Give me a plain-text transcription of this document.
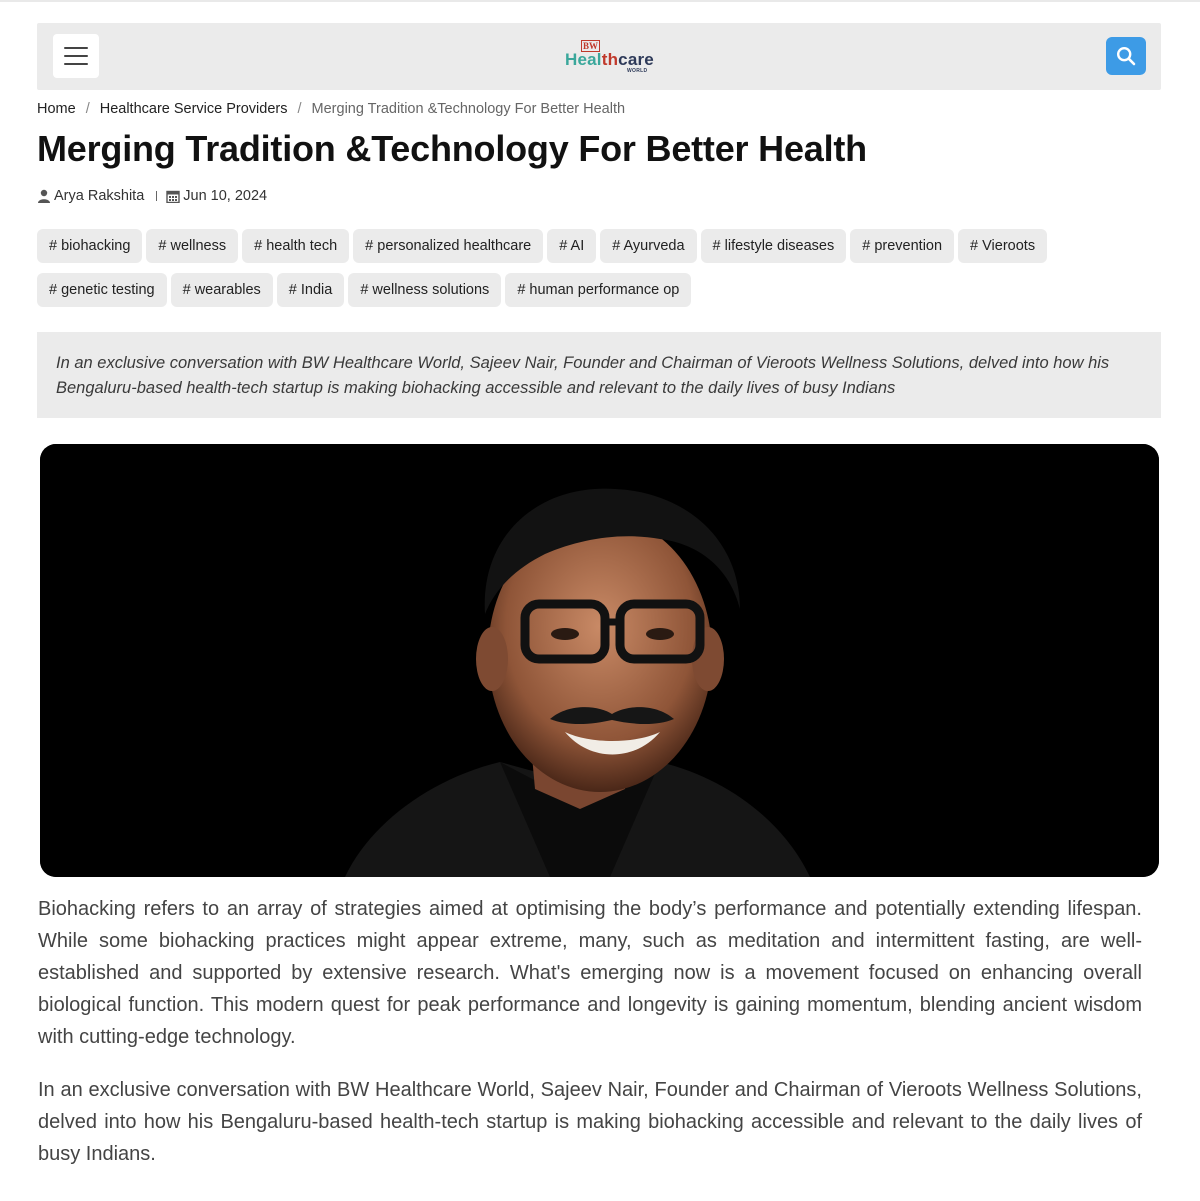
BW
Healthcare
WORLD
Home / Healthcare Service Providers / Merging Tradition &Technology For Better Health
Merging Tradition &Technology For Better Health
Arya Rakshita	Jun 10, 2024
# biohacking	# wellness	# health tech	# personalized healthcare	# AI	# Ayurveda	# lifestyle diseases	# prevention	# Vieroots
# genetic testing	# wearables	# India	# wellness solutions	# human performance op
In an exclusive conversation with BW Healthcare World, Sajeev Nair, Founder and Chairman of Vieroots Wellness Solutions, delved into how his Bengaluru-based health-tech startup is making biohacking accessible and relevant to the daily lives of busy Indians

Biohacking refers to an array of strategies aimed at optimising the body’s performance and potentially extending lifespan. While some biohacking practices might appear extreme, many, such as meditation and intermittent fasting, are well-established and supported by extensive research. What's emerging now is a movement focused on enhancing overall biological function. This modern quest for peak performance and longevity is gaining momentum, blending ancient wisdom with cutting-edge technology.

In an exclusive conversation with BW Healthcare World, Sajeev Nair, Founder and Chairman of Vieroots Wellness Solutions, delved into how his Bengaluru-based health-tech startup is making biohacking accessible and relevant to the daily lives of busy Indians.
